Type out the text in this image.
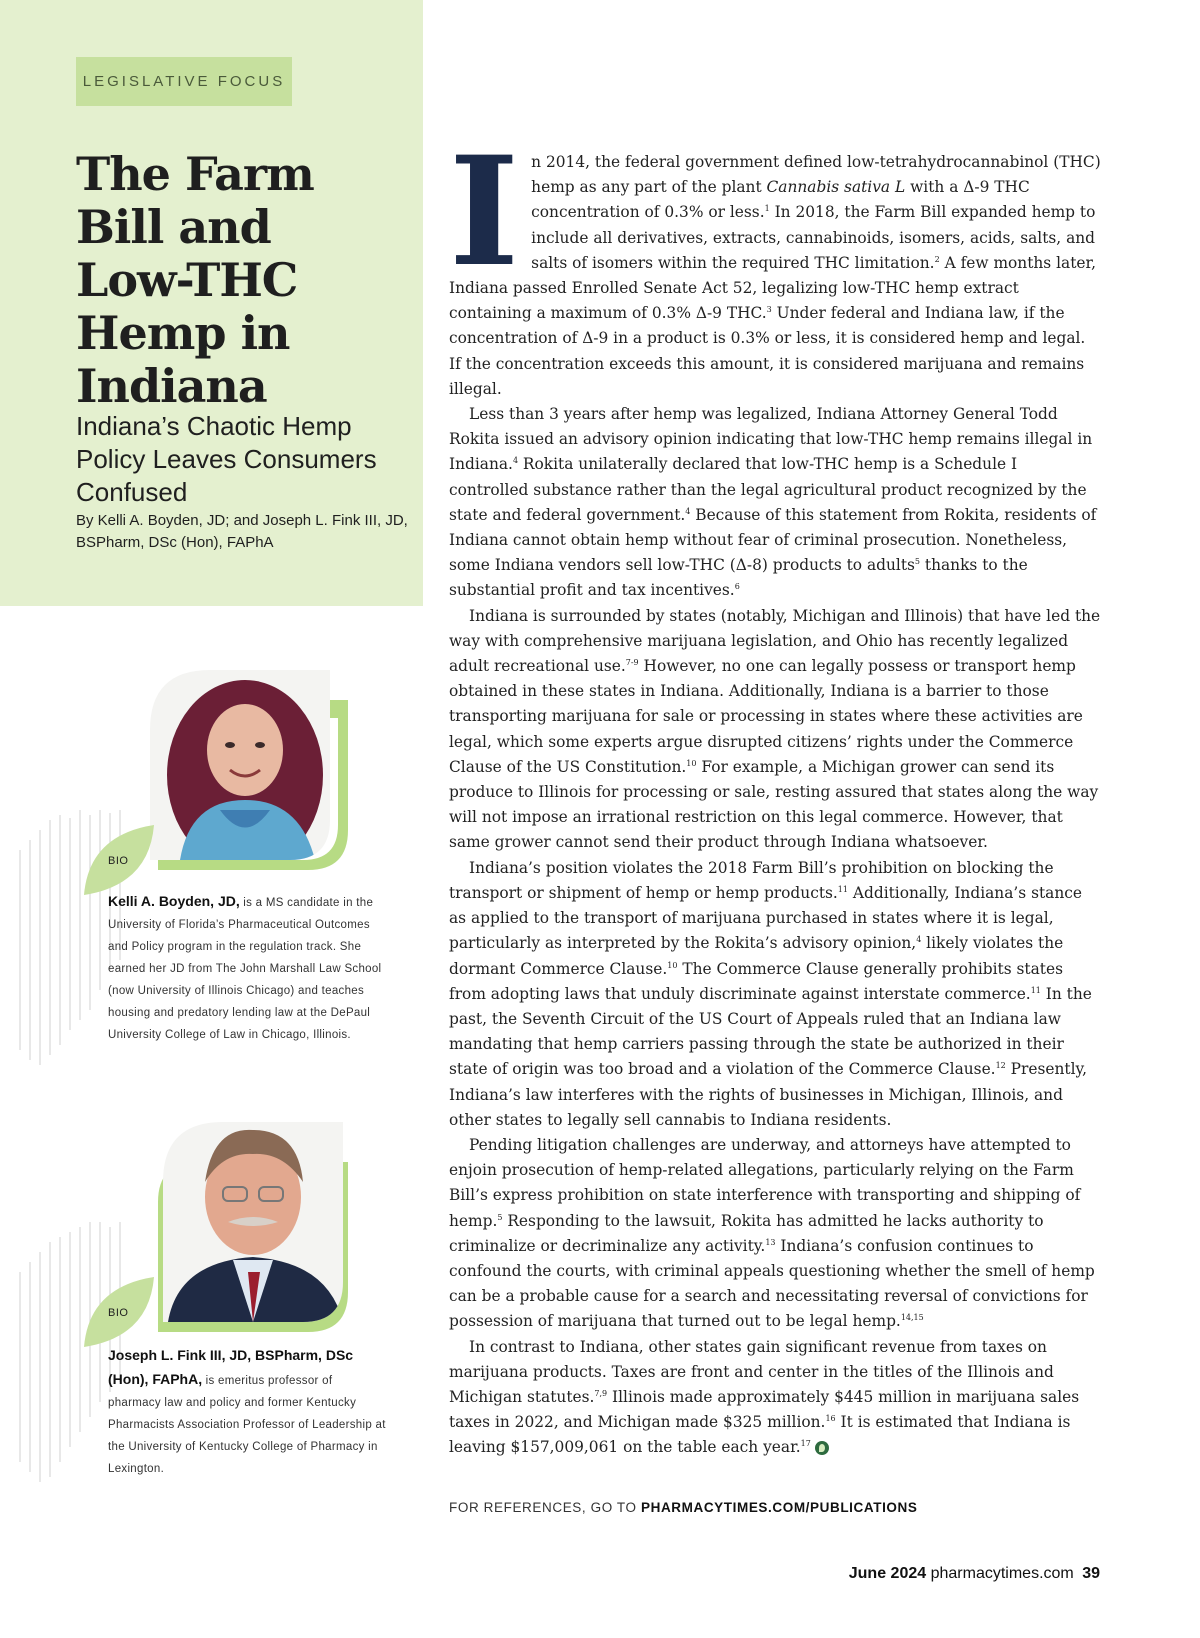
LEGISLATIVE FOCUS
The Farm
Bill and
Low-THC
Hemp in
Indiana
Indiana’s Chaotic Hemp Policy Leaves Consumers Confused
By Kelli A. Boyden, JD; and Joseph L. Fink III, JD, BSPharm, DSc (Hon), FAPhA
BIO
Kelli A. Boyden, JD, is a MS candidate in the University of Florida’s Pharmaceutical Outcomes and Policy program in the regulation track. She earned her JD from The John Marshall Law School (now University of Illinois Chicago) and teaches housing and predatory lending law at the DePaul University College of Law in Chicago, Illinois.
BIO
Joseph L. Fink III, JD, BSPharm, DSc (Hon), FAPhA, is emeritus professor of pharmacy law and policy and former Kentucky Pharmacists Association Professor of Leadership at the University of Kentucky College of Pharmacy in Lexington.
I n 2014, the federal government defined low-tetrahydrocannabinol (THC) hemp as any part of the plant Cannabis sativa L with a Δ-9 THC concentration of 0.3% or less.$^1$ In 2018, the Farm Bill expanded hemp to include all derivatives, extracts, cannabinoids, isomers, acids, salts, and salts of isomers within the required THC limitation.$^2$ A few months later, Indiana passed Enrolled Senate Act 52, legalizing low-THC hemp extract containing a maximum of 0.3% Δ-9 THC.$^3$ Under federal and Indiana law, if the concentration of Δ-9 in a product is 0.3% or less, it is considered hemp and legal. If the concentration exceeds this amount, it is considered marijuana and remains illegal.

Less than 3 years after hemp was legalized, Indiana Attorney General Todd Rokita issued an advisory opinion indicating that low-THC hemp remains illegal in Indiana.$^4$ Rokita unilaterally declared that low-THC hemp is a Schedule I controlled substance rather than the legal agricultural product recognized by the state and federal government.$^4$ Because of this statement from Rokita, residents of Indiana cannot obtain hemp without fear of criminal prosecution. Nonetheless, some Indiana vendors sell low-THC (Δ-8) products to adults$^5$ thanks to the substantial profit and tax incentives.$^6$

Indiana is surrounded by states (notably, Michigan and Illinois) that have led the way with comprehensive marijuana legislation, and Ohio has recently legalized adult recreational use.$^{7-9}$ However, no one can legally possess or transport hemp obtained in these states in Indiana. Additionally, Indiana is a barrier to those transporting marijuana for sale or processing in states where these activities are legal, which some experts argue disrupted citizens’ rights under the Commerce Clause of the US Constitution.$^{10}$ For example, a Michigan grower can send its produce to Illinois for processing or sale, resting assured that states along the way will not impose an irrational restriction on this legal commerce. However, that same grower cannot send their product through Indiana whatsoever.

Indiana’s position violates the 2018 Farm Bill’s prohibition on blocking the transport or shipment of hemp or hemp products.$^{11}$ Additionally, Indiana’s stance as applied to the transport of marijuana purchased in states where it is legal, particularly as interpreted by the Rokita’s advisory opinion,$^4$ likely violates the dormant Commerce Clause.$^{10}$ The Commerce Clause generally prohibits states from adopting laws that unduly discriminate against interstate commerce.$^{11}$ In the past, the Seventh Circuit of the US Court of Appeals ruled that an Indiana law mandating that hemp carriers passing through the state be authorized in their state of origin was too broad and a violation of the Commerce Clause.$^{12}$ Presently, Indiana’s law interferes with the rights of businesses in Michigan, Illinois, and other states to legally sell cannabis to Indiana residents.

Pending litigation challenges are underway, and attorneys have attempted to enjoin prosecution of hemp-related allegations, particularly relying on the Farm Bill’s express prohibition on state interference with transporting and shipping of hemp.$^5$ Responding to the lawsuit, Rokita has admitted he lacks authority to criminalize or decriminalize any activity.$^{13}$ Indiana’s confusion continues to confound the courts, with criminal appeals questioning whether the smell of hemp can be a probable cause for a search and necessitating reversal of convictions for possession of marijuana that turned out to be legal hemp.$^{14,15}$

In contrast to Indiana, other states gain significant revenue from taxes on marijuana products. Taxes are front and center in the titles of the Illinois and Michigan statutes.$^{7,9}$ Illinois made approximately $445 million in marijuana sales taxes in 2022, and Michigan made $325 million.$^{16}$ It is estimated that Indiana is leaving $157,009,061 on the table each year.$^{17}$

FOR REFERENCES, GO TO PHARMACYTIMES.COM/PUBLICATIONS
June 2024 pharmacytimes.com 39
